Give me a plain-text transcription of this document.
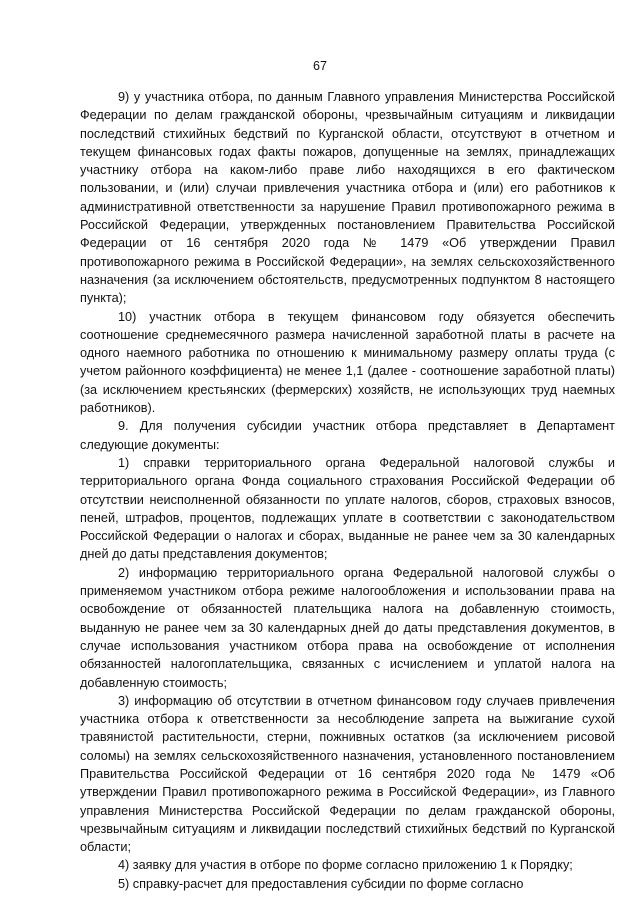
67

9) у участника отбора, по данным Главного управления Министерства Российской Федерации по делам гражданской обороны, чрезвычайным ситуациям и ликвидации последствий стихийных бедствий по Курганской области, отсутствуют в отчетном и текущем финансовых годах факты пожаров, допущенные на землях, принадлежащих участнику отбора на каком-либо праве либо находящихся в его фактическом пользовании, и (или) случаи привлечения участника отбора и (или) его работников к административной ответственности за нарушение Правил противопожарного режима в Российской Федерации, утвержденных постановлением Правительства Российской Федерации от 16 сентября 2020 года № 1479 «Об утверждении Правил противопожарного режима в Российской Федерации», на землях сельскохозяйственного назначения (за исключением обстоятельств, предусмотренных подпунктом 8 настоящего пункта);

10) участник отбора в текущем финансовом году обязуется обеспечить соотношение среднемесячного размера начисленной заработной платы в расчете на одного наемного работника по отношению к минимальному размеру оплаты труда (с учетом районного коэффициента) не менее 1,1 (далее - соотношение заработной платы) (за исключением крестьянских (фермерских) хозяйств, не использующих труд наемных работников).

9. Для получения субсидии участник отбора представляет в Департамент следующие документы:

1) справки территориального органа Федеральной налоговой службы и территориального органа Фонда социального страхования Российской Федерации об отсутствии неисполненной обязанности по уплате налогов, сборов, страховых взносов, пеней, штрафов, процентов, подлежащих уплате в соответствии с законодательством Российской Федерации о налогах и сборах, выданные не ранее чем за 30 календарных дней до даты представления документов;

2) информацию территориального органа Федеральной налоговой службы о применяемом участником отбора режиме налогообложения и использовании права на освобождение от обязанностей плательщика налога на добавленную стоимость, выданную не ранее чем за 30 календарных дней до даты представления документов, в случае использования участником отбора права на освобождение от исполнения обязанностей налогоплательщика, связанных с исчислением и уплатой налога на добавленную стоимость;

3) информацию об отсутствии в отчетном финансовом году случаев привлечения участника отбора к ответственности за несоблюдение запрета на выжигание сухой травянистой растительности, стерни, пожнивных остатков (за исключением рисовой соломы) на землях сельскохозяйственного назначения, установленного постановлением Правительства Российской Федерации от 16 сентября 2020 года № 1479 «Об утверждении Правил противопожарного режима в Российской Федерации», из Главного управления Министерства Российской Федерации по делам гражданской обороны, чрезвычайным ситуациям и ликвидации последствий стихийных бедствий по Курганской области;

4) заявку для участия в отборе по форме согласно приложению 1 к Порядку;

5) справку-расчет для предоставления субсидии по форме согласно
